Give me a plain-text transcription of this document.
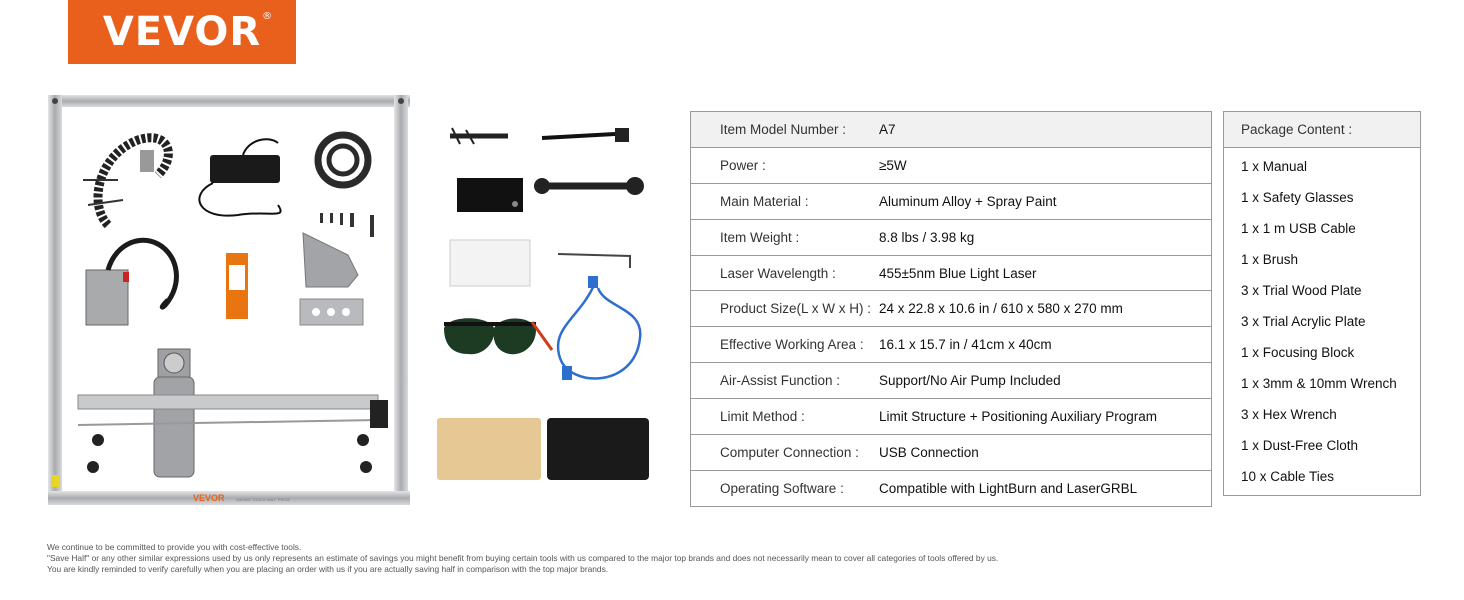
VEVOR ®
VEVOR	SAVING TOOLS HALF PRICE
Item Model Number :	A7
Power :	≥5W
Main Material :	Aluminum Alloy + Spray Paint
Item Weight :	8.8 lbs / 3.98 kg
Laser Wavelength :	455±5nm Blue Light Laser
Product Size(L x W x H) : 24 x 22.8 x 10.6 in / 610 x 580 x 270 mm
Effective Working Area :	16.1 x 15.7 in / 41cm x 40cm
Air-Assist Function :	Support/No Air Pump Included
Limit Method :	Limit Structure + Positioning Auxiliary Program
Computer Connection :	USB Connection
Operating Software :	Compatible with LightBurn and LaserGRBL
Package Content :
1 x Manual
1 x Safety Glasses
1 x 1 m USB Cable
1 x Brush
3 x Trial Wood Plate
3 x Trial Acrylic Plate
1 x Focusing Block
1 x 3mm & 10mm Wrench
3 x Hex Wrench
1 x Dust-Free Cloth
10 x Cable Ties
We continue to be committed to provide you with cost-effective tools.
"Save Half" or any other similar expressions used by us only represents an estimate of savings you might benefit from buying certain tools with us compared to the major top brands and does not necessarily mean to cover all categories of tools offered by us.
You are kindly reminded to verify carefully when you are placing an order with us if you are actually saving half in comparison with the top major brands.
